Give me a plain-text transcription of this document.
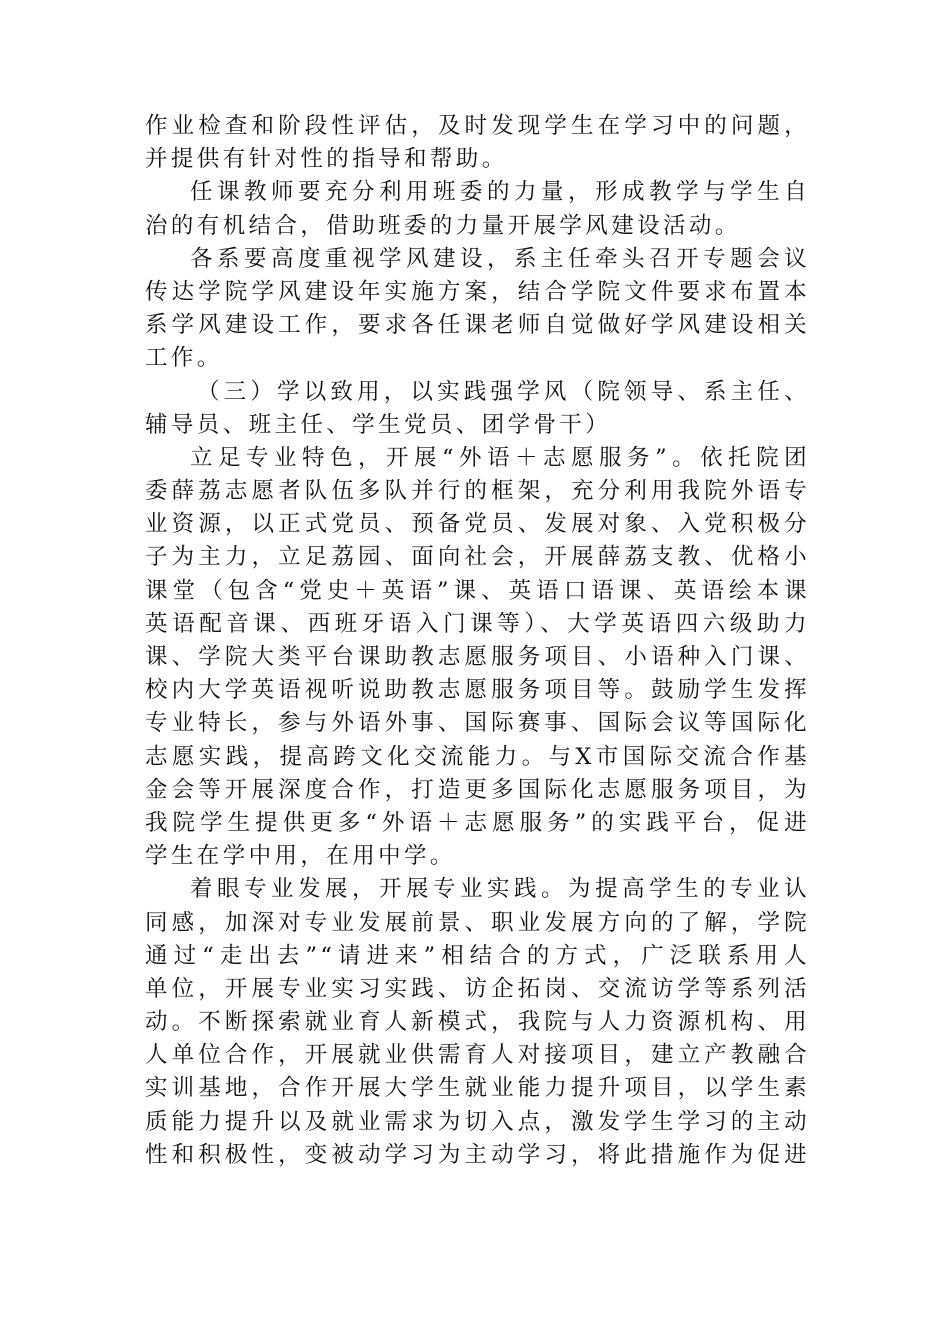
作业检查和阶段性评估，及时发现学生在学习中的问题，
并提供有针对性的指导和帮助。
任课教师要充分利用班委的力量，形成教学与学生自
治的有机结合，借助班委的力量开展学风建设活动。
各系要高度重视学风建设，系主任牵头召开专题会议
传达学院学风建设年实施方案，结合学院文件要求布置本
系学风建设工作，要求各任课老师自觉做好学风建设相关
工作。
（三）学以致用，以实践强学风（院领导、系主任、
辅导员、班主任、学生党员、团学骨干）
立足专业特色，开展“外语＋志愿服务”。依托院团
委薛荔志愿者队伍多队并行的框架，充分利用我院外语专
业资源，以正式党员、预备党员、发展对象、入党积极分
子为主力，立足荔园、面向社会，开展薛荔支教、优格小
课堂（包含“党史＋英语”课、英语口语课、英语绘本课
英语配音课、西班牙语入门课等）、大学英语四六级助力
课、学院大类平台课助教志愿服务项目、小语种入门课、
校内大学英语视听说助教志愿服务项目等。鼓励学生发挥
专业特长，参与外语外事、国际赛事、国际会议等国际化
志愿实践，提高跨文化交流能力。与X市国际交流合作基
金会等开展深度合作，打造更多国际化志愿服务项目，为
我院学生提供更多“外语＋志愿服务”的实践平台，促进
学生在学中用，在用中学。
着眼专业发展，开展专业实践。为提高学生的专业认
同感，加深对专业发展前景、职业发展方向的了解，学院
通过“走出去”“请进来”相结合的方式，广泛联系用人
单位，开展专业实习实践、访企拓岗、交流访学等系列活
动。不断探索就业育人新模式，我院与人力资源机构、用
人单位合作，开展就业供需育人对接项目，建立产教融合
实训基地，合作开展大学生就业能力提升项目，以学生素
质能力提升以及就业需求为切入点，激发学生学习的主动
性和积极性，变被动学习为主动学习，将此措施作为促进
